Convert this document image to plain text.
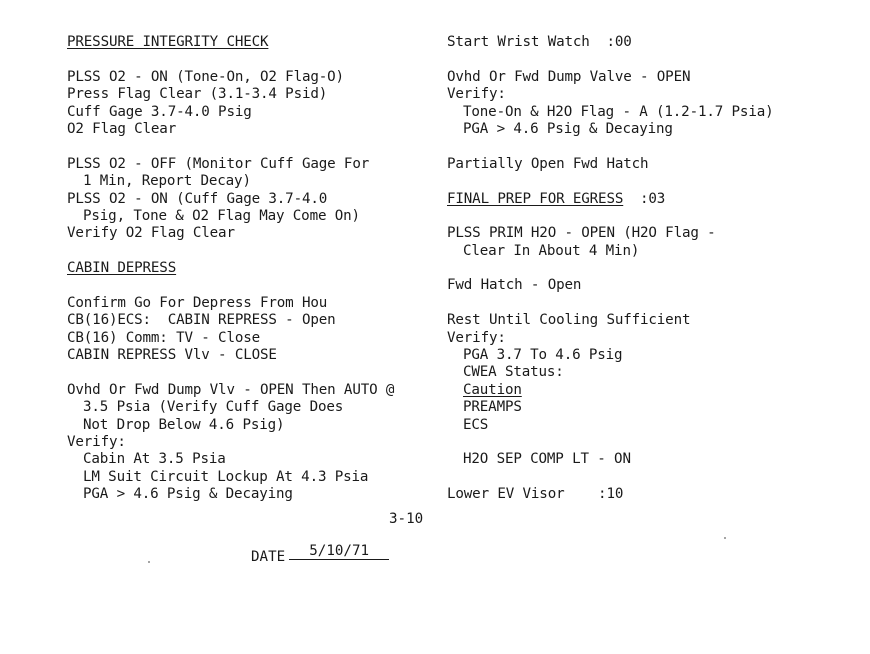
PRESSURE INTEGRITY CHECK
PLSS O2 - ON (Tone-On, O2 Flag-O)
Press Flag Clear (3.1-3.4 Psid)
Cuff Gage 3.7-4.0 Psig
O2 Flag Clear
PLSS O2 - OFF (Monitor Cuff Gage For
1 Min, Report Decay)
PLSS O2 - ON (Cuff Gage 3.7-4.0
Psig, Tone & O2 Flag May Come On)
Verify O2 Flag Clear
CABIN DEPRESS
Confirm Go For Depress From Hou
CB(16)ECS:  CABIN REPRESS - Open
CB(16) Comm: TV - Close
CABIN REPRESS Vlv - CLOSE
Ovhd Or Fwd Dump Vlv - OPEN Then AUTO @
3.5 Psia (Verify Cuff Gage Does
Not Drop Below 4.6 Psig)
Verify:
Cabin At 3.5 Psia
LM Suit Circuit Lockup At 4.3 Psia
PGA > 4.6 Psig & Decaying
Start Wrist Watch  :00
Ovhd Or Fwd Dump Valve - OPEN
Verify:
Tone-On & H2O Flag - A (1.2-1.7 Psia)
PGA > 4.6 Psig & Decaying
Partially Open Fwd Hatch
FINAL PREP FOR EGRESS  :03
PLSS PRIM H2O - OPEN (H2O Flag -
Clear In About 4 Min)
Fwd Hatch - Open
Rest Until Cooling Sufficient
Verify:
PGA 3.7 To 4.6 Psig
CWEA Status:
Caution
PREAMPS
ECS
H2O SEP COMP LT - ON
Lower EV Visor    :10
3-10
DATE 5/10/71
